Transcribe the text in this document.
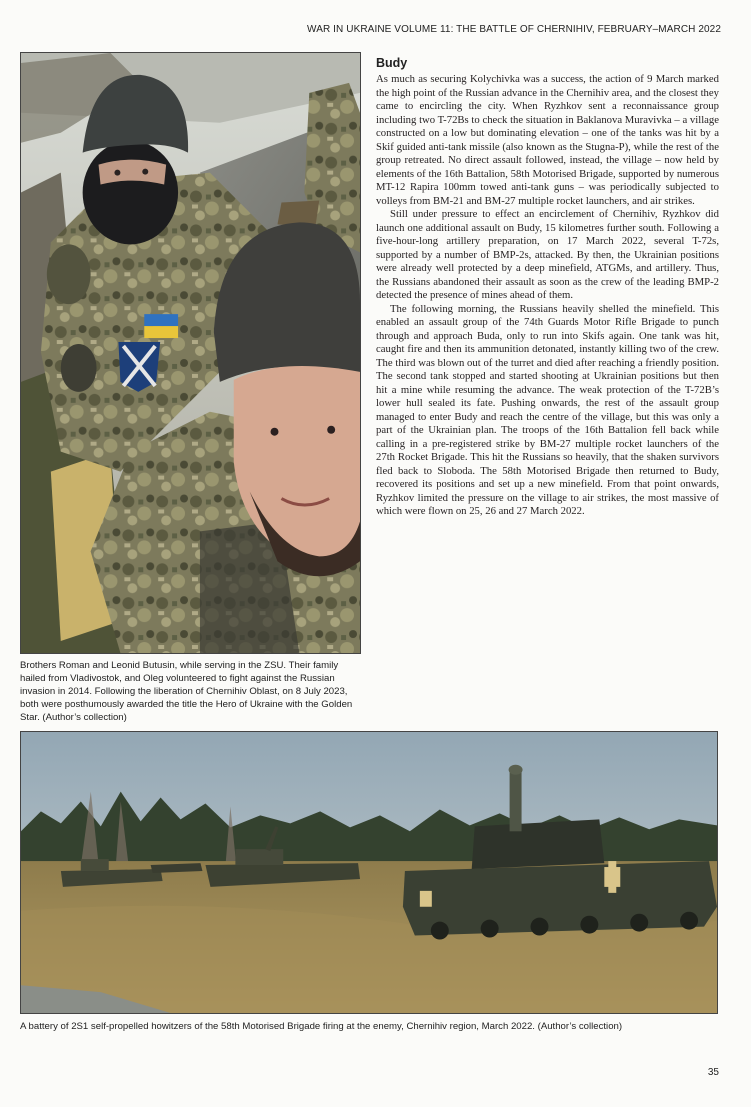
WAR IN UKRAINE VOLUME 11: THE BATTLE OF CHERNIHIV, FEBRUARY–MARCH 2022

Brothers Roman and Leonid Butusin, while serving in the ZSU. Their family hailed from Vladivostok, and Oleg volunteered to fight against the Russian invasion in 2014. Following the liberation of Chernihiv Oblast, on 8 July 2023, both were posthumously awarded the title the Hero of Ukraine with the Golden Star. (Author’s collection)

Budy

As much as securing Kolychivka was a success, the action of 9 March marked the high point of the Russian advance in the Chernihiv area, and the closest they came to encircling the city. When Ryzhkov sent a reconnaissance group including two T-72Bs to check the situation in Baklanova Muravivka – a village constructed on a low but dominating elevation – one of the tanks was hit by a Skif guided anti-tank missile (also known as the Stugna-P), while the rest of the group retreated. No direct assault followed, instead, the village – now held by elements of the 16th Battalion, 58th Motorised Brigade, supported by numerous MT-12 Rapira 100mm towed anti-tank guns – was periodically subjected to volleys from BM-21 and BM-27 multiple rocket launchers, and air strikes.

Still under pressure to effect an encirclement of Chernihiv, Ryzhkov did launch one additional assault on Budy, 15 kilometres further south. Following a five-hour-long artillery preparation, on 17 March 2022, several T-72s, supported by a number of BMP-2s, attacked. By then, the Ukrainian positions were already well protected by a deep minefield, ATGMs, and artillery. Thus, the Russians abandoned their assault as soon as the crew of the leading BMP-2 detected the presence of mines ahead of them.

The following morning, the Russians heavily shelled the minefield. This enabled an assault group of the 74th Guards Motor Rifle Brigade to punch through and approach Buda, only to run into Skifs again. One tank was hit, caught fire and then its ammunition detonated, instantly killing two of the crew. The third was blown out of the turret and died after reaching a friendly position. The second tank stopped and started shooting at Ukrainian positions but then hit a mine while resuming the advance. The weak protection of the T-72B’s lower hull sealed its fate. Pushing onwards, the rest of the assault group managed to enter Budy and reach the centre of the village, but this was only a part of the Ukrainian plan. The troops of the 16th Battalion fell back while calling in a pre-registered strike by BM-27 multiple rocket launchers of the 27th Rocket Brigade. This hit the Russians so heavily, that the shaken survivors fled back to Sloboda. The 58th Motorised Brigade then returned to Budy, recovered its positions and set up a new minefield. From that point onwards, Ryzhkov limited the pressure on the village to air strikes, the most massive of which were flown on 25, 26 and 27 March 2022.

A battery of 2S1 self-propelled howitzers of the 58th Motorised Brigade firing at the enemy, Chernihiv region, March 2022. (Author’s collection)

35
